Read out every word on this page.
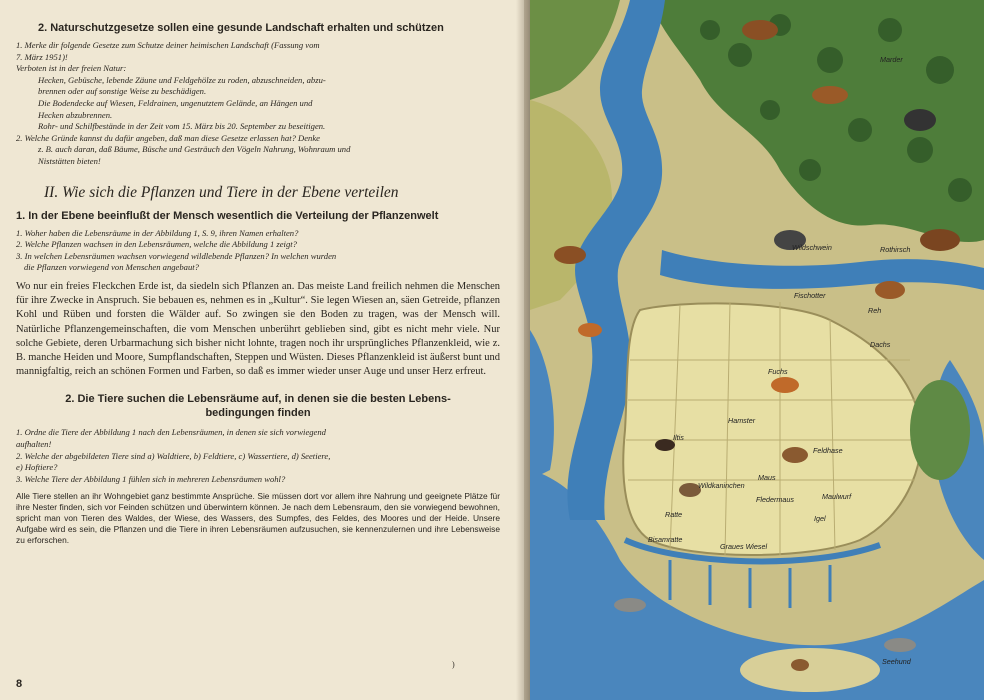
2. Naturschutzgesetze sollen eine gesunde Landschaft erhalten und schützen

1. Merke dir folgende Gesetze zum Schutze deiner heimischen Landschaft (Fassung vom

7. März 1951)!

Verboten ist in der freien Natur:

Hecken, Gebüsche, lebende Zäune und Feldgehölze zu roden, abzuschneiden, abzu-

brennen oder auf sonstige Weise zu beschädigen.

Die Bodendecke auf Wiesen, Feldrainen, ungenutztem Gelände, an Hängen und

Hecken abzubrennen.

Rohr- und Schilfbestände in der Zeit vom 15. März bis 20. September zu beseitigen.

2. Welche Gründe kannst du dafür angeben, daß man diese Gesetze erlassen hat? Denke

z. B. auch daran, daß Bäume, Büsche und Gesträuch den Vögeln Nahrung, Wohnraum und

Niststätten bieten!

II. Wie sich die Pflanzen und Tiere in der Ebene verteilen
1. In der Ebene beeinflußt der Mensch wesentlich die Verteilung der Pflanzenwelt

1. Woher haben die Lebensräume in der Abbildung 1, S. 9, ihren Namen erhalten?

2. Welche Pflanzen wachsen in den Lebensräumen, welche die Abbildung 1 zeigt?

3. In welchen Lebensräumen wachsen vorwiegend wildlebende Pflanzen? In welchen wurden

die Pflanzen vorwiegend von Menschen angebaut?

Wo nur ein freies Fleckchen Erde ist, da siedeln sich Pflanzen an. Das meiste Land freilich nehmen die Menschen für ihre Zwecke in Anspruch. Sie bebauen es, nehmen es in „Kultur“. Sie legen Wiesen an, säen Getreide, pflanzen Kohl und Rüben und forsten die Wälder auf. So zwingen sie den Boden zu tragen, was der Mensch will. Natürliche Pflanzengemeinschaften, die vom Menschen unberührt geblieben sind, gibt es nicht mehr viele. Nur solche Gebiete, deren Urbarmachung sich bisher nicht lohnte, tragen noch ihr ursprüngliches Pflanzenkleid, wie z. B. manche Heiden und Moore, Sumpflandschaften, Steppen und Wüsten. Dieses Pflanzenkleid ist äußerst bunt und mannigfaltig, reich an schönen Formen und Farben, so daß es immer wieder unser Auge und unser Herz erfreut.

2. Die Tiere suchen die Lebensräume auf, in denen sie die besten Lebens-
bedingungen finden

1. Ordne die Tiere der Abbildung 1 nach den Lebensräumen, in denen sie sich vorwiegend

aufhalten!

2. Welche der abgebildeten Tiere sind a) Waldtiere, b) Feldtiere, c) Wassertiere, d) Seetiere,

e) Hoftiere?

3. Welche Tiere der Abbildung 1 fühlen sich in mehreren Lebensräumen wohl?

Alle Tiere stellen an ihr Wohngebiet ganz bestimmte Ansprüche. Sie müssen dort vor allem ihre Nahrung und geeignete Plätze für ihre Nester finden, sich vor Feinden schützen und überwintern können. Je nach dem Lebensraum, den sie vorwiegend bewohnen, spricht man von Tieren des Waldes, der Wiese, des Wassers, des Sumpfes, des Feldes, des Moores und der Heide. Unsere Aufgabe wird es sein, die Pflanzen und die Tiere in ihren Lebensräumen aufzusuchen, sie kennenzulernen und ihre Lebensweise zu erforschen.

8
)
Marder
Wildschwein	Rothirsch
Fischotter
Reh
Dachs
Fuchs
Hamster
Iltis
Feldhase
Maus
Wildkaninchen
Fledermaus	Maulwurf
Ratte	Igel
Bisamratte
Graues Wiesel
Seehund
